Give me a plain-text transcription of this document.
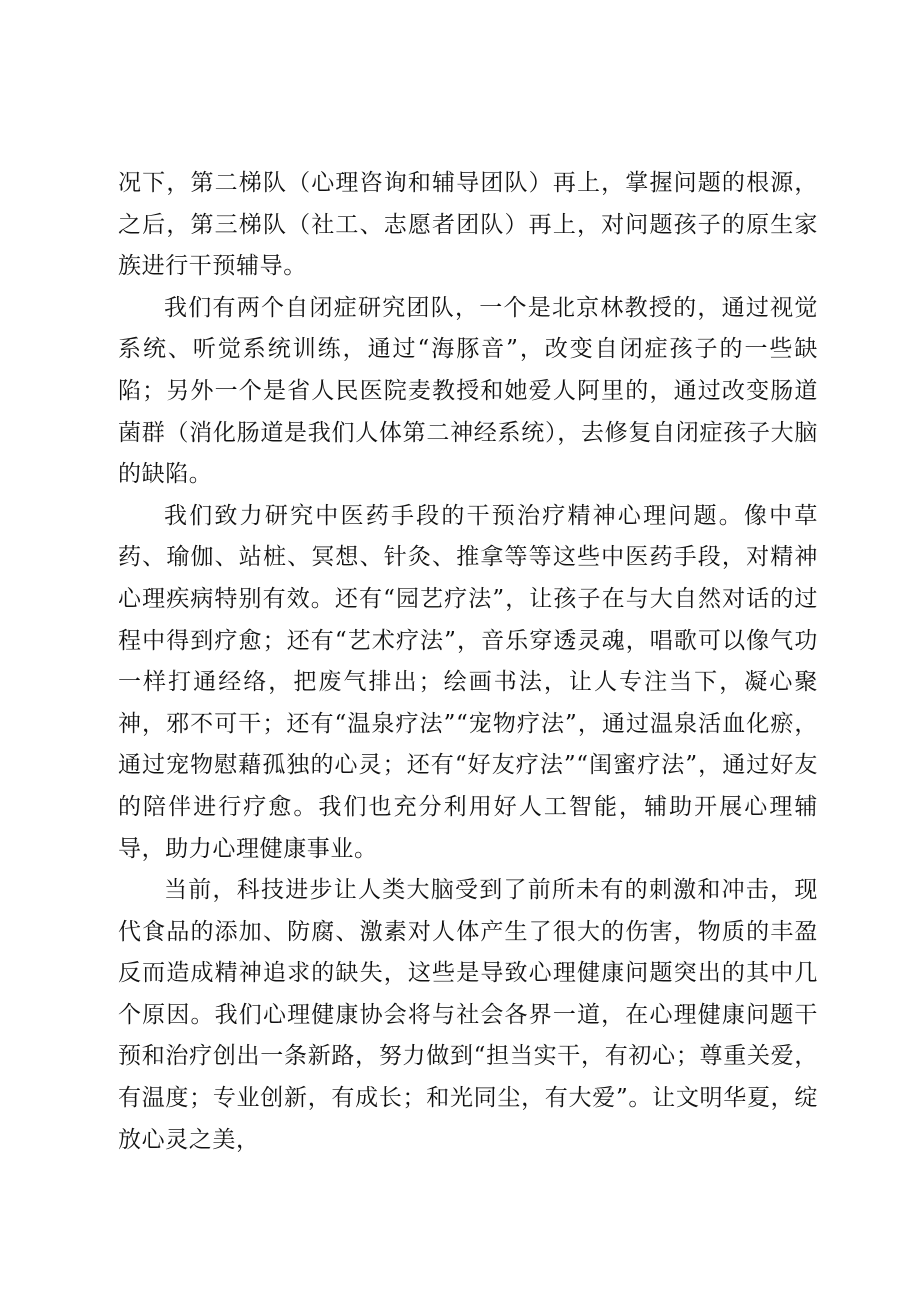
况下，第二梯队（心理咨询和辅导团队）再上，掌握问题的根源，之后，第三梯队（社工、志愿者团队）再上，对问题孩子的原生家族进行干预辅导。

我们有两个自闭症研究团队，一个是北京林教授的，通过视觉系统、听觉系统训练，通过“海豚音”，改变自闭症孩子的一些缺陷；另外一个是省人民医院麦教授和她爱人阿里的，通过改变肠道菌群（消化肠道是我们人体第二神经系统），去修复自闭症孩子大脑的缺陷。

我们致力研究中医药手段的干预治疗精神心理问题。像中草药、瑜伽、站桩、冥想、针灸、推拿等等这些中医药手段，对精神心理疾病特别有效。还有“园艺疗法”，让孩子在与大自然对话的过程中得到疗愈；还有“艺术疗法”，音乐穿透灵魂，唱歌可以像气功一样打通经络，把废气排出；绘画书法，让人专注当下，凝心聚神，邪不可干；还有“温泉疗法”“宠物疗法”，通过温泉活血化瘀，通过宠物慰藉孤独的心灵；还有“好友疗法”“闺蜜疗法”，通过好友的陪伴进行疗愈。我们也充分利用好人工智能，辅助开展心理辅导，助力心理健康事业。

当前，科技进步让人类大脑受到了前所未有的刺激和冲击，现代食品的添加、防腐、激素对人体产生了很大的伤害，物质的丰盈反而造成精神追求的缺失，这些是导致心理健康问题突出的其中几个原因。我们心理健康协会将与社会各界一道，在心理健康问题干预和治疗创出一条新路，努力做到“担当实干，有初心；尊重关爱，有温度；专业创新，有成长；和光同尘，有大爱”。让文明华夏，绽放心灵之美，
